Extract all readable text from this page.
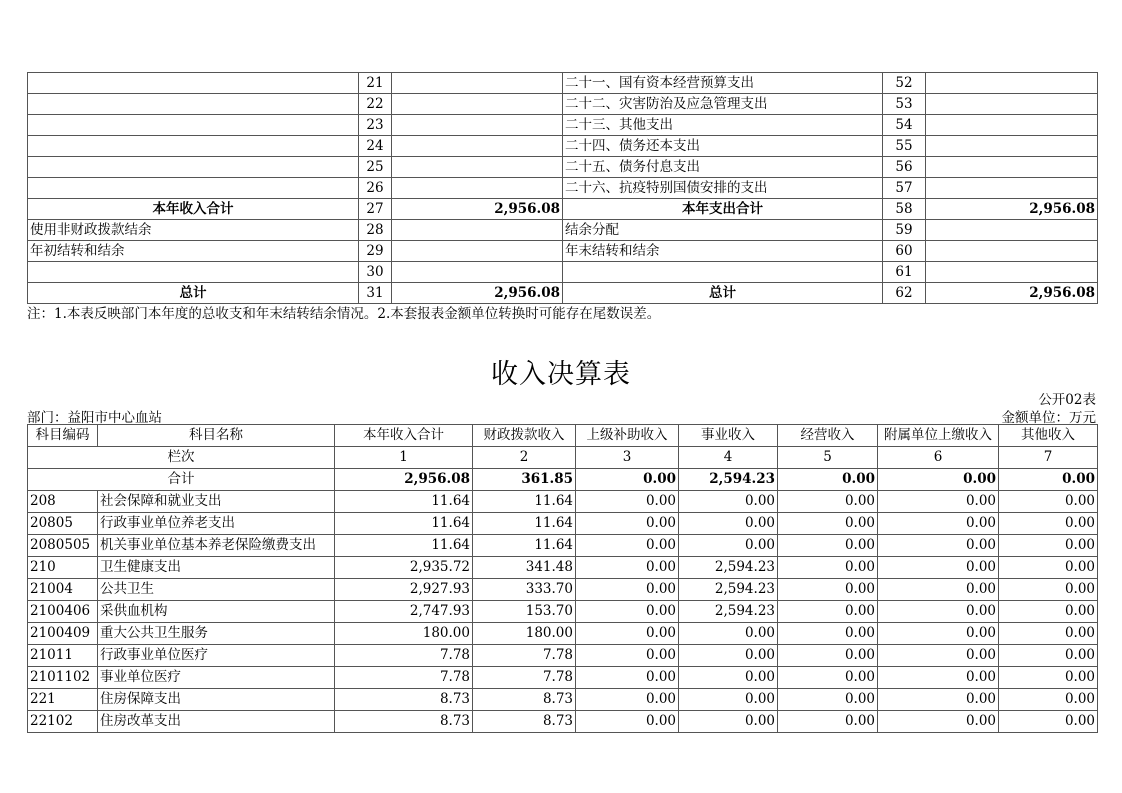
	21		二十一、国有资本经营预算支出	52	
	22		二十二、灾害防治及应急管理支出	53	
	23		二十三、其他支出	54	
	24		二十四、债务还本支出	55	
	25		二十五、债务付息支出	56	
	26		二十六、抗疫特别国债安排的支出	57	
本年收入合计	27	2,956.08	本年支出合计	58	2,956.08
使用非财政拨款结余	28		结余分配	59	
年初结转和结余	29		年末结转和结余	60	
	30			61	
总计	31	2,956.08	总计	62	2,956.08
注：1.本表反映部门本年度的总收支和年末结转结余情况。2.本套报表金额单位转换时可能存在尾数误差。
收入决算表
公开02表
部门：益阳市中心血站	金额单位：万元
科目编码	科目名称	本年收入合计	财政拨款收入	上级补助收入	事业收入	经营收入	附属单位上缴收入	其他收入
栏次		1	2	3	4	5	6	7
合计		2,956.08	361.85	0.00	2,594.23	0.00	0.00	0.00
208	社会保障和就业支出	11.64	11.64	0.00	0.00	0.00	0.00	0.00
20805	行政事业单位养老支出	11.64	11.64	0.00	0.00	0.00	0.00	0.00
2080505	机关事业单位基本养老保险缴费支出	11.64	11.64	0.00	0.00	0.00	0.00	0.00
210	卫生健康支出	2,935.72	341.48	0.00	2,594.23	0.00	0.00	0.00
21004	公共卫生	2,927.93	333.70	0.00	2,594.23	0.00	0.00	0.00
2100406	采供血机构	2,747.93	153.70	0.00	2,594.23	0.00	0.00	0.00
2100409	重大公共卫生服务	180.00	180.00	0.00	0.00	0.00	0.00	0.00
21011	行政事业单位医疗	7.78	7.78	0.00	0.00	0.00	0.00	0.00
2101102	事业单位医疗	7.78	7.78	0.00	0.00	0.00	0.00	0.00
221	住房保障支出	8.73	8.73	0.00	0.00	0.00	0.00	0.00
22102	住房改革支出	8.73	8.73	0.00	0.00	0.00	0.00	0.00
